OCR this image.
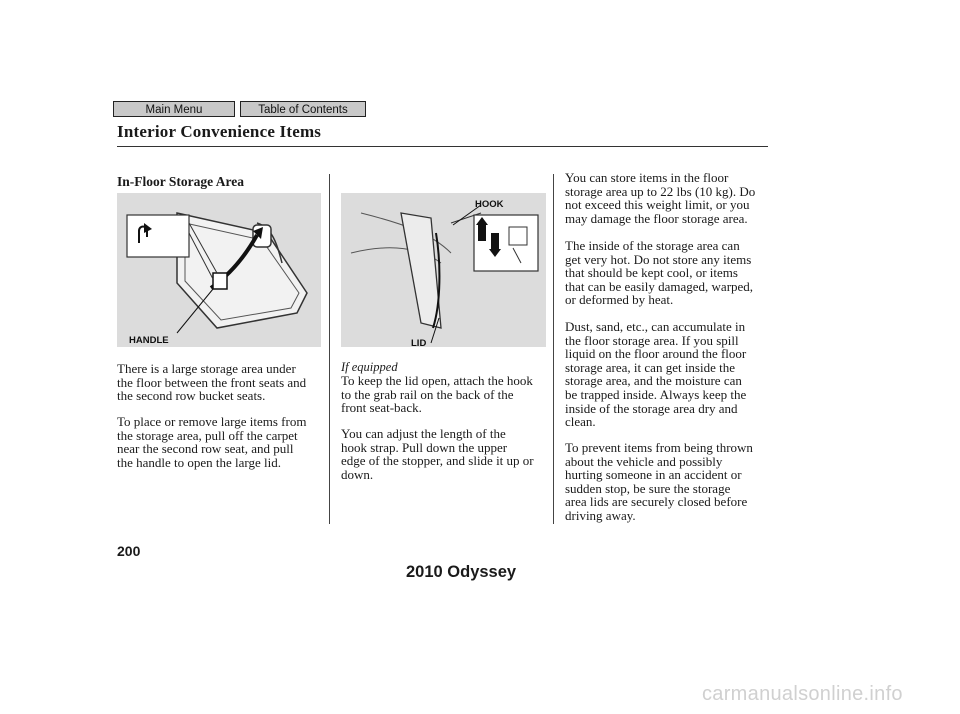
Main Menu	Table of Contents
Interior Convenience Items
In-Floor Storage Area
HANDLE
HOOK
LID
If equipped
There is a large storage area under
the floor between the front seats and
the second row bucket seats.
To place or remove large items from
the storage area, pull off the carpet
near the second row seat, and pull
the handle to open the large lid.
To keep the lid open, attach the hook
to the grab rail on the back of the
front seat-back.
You can adjust the length of the
hook strap. Pull down the upper
edge of the stopper, and slide it up or
down.
You can store items in the floor
storage area up to 22 lbs (10 kg). Do
not exceed this weight limit, or you
may damage the floor storage area.
The inside of the storage area can
get very hot. Do not store any items
that should be kept cool, or items
that can be easily damaged, warped,
or deformed by heat.
Dust, sand, etc., can accumulate in
the floor storage area. If you spill
liquid on the floor around the floor
storage area, it can get inside the
storage area, and the moisture can
be trapped inside. Always keep the
inside of the storage area dry and
clean.
To prevent items from being thrown
about the vehicle and possibly
hurting someone in an accident or
sudden stop, be sure the storage
area lids are securely closed before
driving away.
200
2010 Odyssey
carmanualsonline.info
